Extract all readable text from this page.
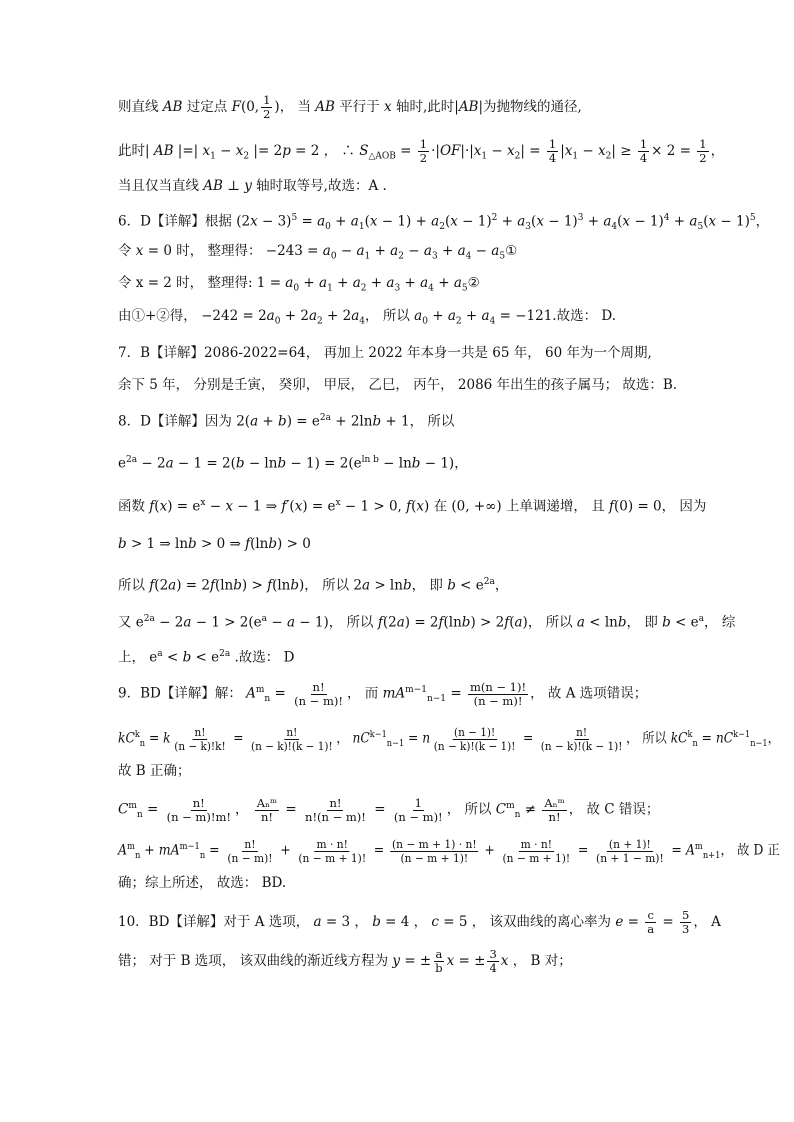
则直线 AB 过定点 F(0, $\frac{1}{2}$ )， 当 AB 平行于 x 轴时,此时|AB|为抛物线的通径,
此时| AB |=| $x_1 - x_2$ |= 2p = 2 ， ∴ $S_{\triangle AOB} = \frac{1}{2} \cdot|OF|\cdot|x_1 - x_2| = \frac{1}{4} |x_1 - x_2| \ge \frac{1}{4} \times 2 = \frac{1}{2}$ ，
当且仅当直线 AB ⊥ y 轴时取等号,故选：A .
6．D【详解】根据 $(2x - 3)^5 = a_0 + a_1(x - 1) + a_2(x - 1)^2 + a_3(x - 1)^3 + a_4(x - 1)^4 + a_5(x - 1)^5$，
令 x = 0 时， 整理得： $-243 = a_0 - a_1 + a_2 - a_3 + a_4$ − $a_5①$
令 x = 2 时， 整理得: $1 = a_0 + a_1 + a_2 + a_3 + a_4$ + $a_5②$
由①+②得， $-242 = 2a_0 + 2a_2 + 2a_4$， 所以 $a_0 + a_2 + a_4 = -121$.故选： D.
7．B【详解】2086-2022=64， 再加上 2022 年本身一共是 65 年， 60 年为一个周期,
余下 5 年， 分别是壬寅， 癸卯， 甲辰， 乙巳， 丙午， 2086 年出生的孩子属马； 故选：B.
8．D【详解】因为 $2(a + b) = e^{2a} + 2\ln b + 1$， 所以
$e^{2a} - 2a - 1 = 2(b - \ln b - 1) = 2(e^{ln b} - \ln b - 1)$，
函数 $f(x) = e^x - x - 1$ ⇒ $f'(x) = e^x - 1 > 0$, f(x) 在 (0, +∞) 上单调递增， 且 f(0) = 0， 因为
b > 1 ⇒ lnb > 0 ⇒ f(lnb) > 0
所以 f(2a) = 2f(lnb) > f(lnb)， 所以 2a > lnb， 即 $b < e^{2a}$，
又 $e^{2a} - 2a - 1 > 2(e^a - a - 1)$， 所以 f(2a) = 2f(lnb) > 2f(a)， 所以 a < lnb， 即 $b < e^a$， 综
上， $e^a < b < e^{2a}$ .故选： D
9．BD【详解】解： $A^m_n = \frac{n!}{(n - m)!}$ ， 而 $mA^{m-1}_{n-1} = \frac{m(n - 1)!}{(n - m)!}$ ， 故 A 选项错误；
$kC^k_n = k \frac{n!}{(n - k)!k!} = \frac{n!}{(n - k)!(k - 1)!}$ ， $nC^{k-1}_{n-1} = n \frac{(n - 1)!}{(n - k)!(k - 1)!} = \frac{n!}{(n - k)!(k - 1)!}$ ， 所以 $kC^k_n = nC^{k-1}_{n-1}$，
故 B 正确；
$C^m_n = \frac{n!}{(n - m)!m!}$ ， $\frac{\text{Aₙᵐ}}{n!} = \frac{n!}{n!(n - m)!} = \frac{1}{(n - m)!}$ ， 所以 $C^m_n \ne \frac{\text{Aₙᵐ}}{n!}$ ， 故 C 错误；
$A^m_n + mA^{m-1}_n = \frac{n!}{(n - m)!} + \frac{m \cdot n!}{(n - m + 1)!} = \frac{(n - m + 1) \cdot n!}{(n - m + 1)!} + \frac{m \cdot n!}{(n - m + 1)!} = \frac{(n + 1)!}{(n + 1 - m)!} = A^m_{n+1}$， 故 D 正
确；综上所述， 故选： BD.
10．BD【详解】对于 A 选项， a = 3 ， b = 4 ， c = 5 ， 该双曲线的离心率为 $e = \frac{c}{a} = \frac{5}{3}$ ， A
错； 对于 B 选项， 该双曲线的渐近线方程为 y = ± $\frac{a}{b}$ x = ± $\frac{3}{4}$ x ， B 对；
